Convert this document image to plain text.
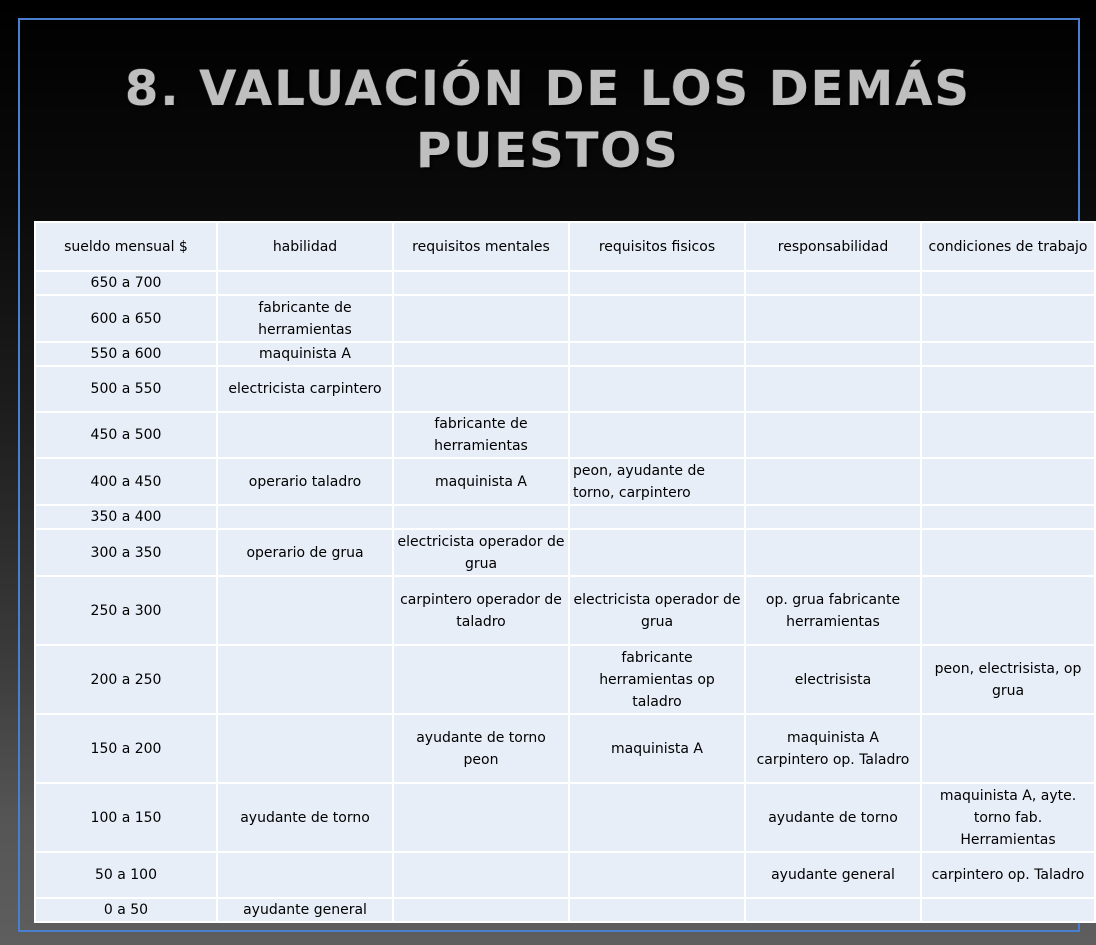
8. VALUACIÓN DE LOS DEMÁS PUESTOS
sueldo mensual $	habilidad	requisitos mentales	requisitos fisicos	responsabilidad	condiciones de trabajo
650 a 700					
600 a 650	fabricante de herramientas				
550 a 600	maquinista A				
500 a 550	electricista carpintero				
450 a 500		fabricante de herramientas			
400 a 450	operario taladro	maquinista A	peon, ayudante de torno, carpintero		
350 a 400					
300 a 350	operario de grua	electricista operador de grua			
250 a 300		carpintero operador de taladro	electricista operador de grua	op. grua fabricante herramientas	
200 a 250			fabricante herramientas op taladro	electrisista	peon, electrisista, op grua
150 a 200		ayudante de torno peon	maquinista A	maquinista A carpintero op. Taladro	
100 a 150	ayudante de torno			ayudante de torno	maquinista A, ayte. torno fab. Herramientas
50 a 100				ayudante general	carpintero op. Taladro
0 a 50	ayudante general				
